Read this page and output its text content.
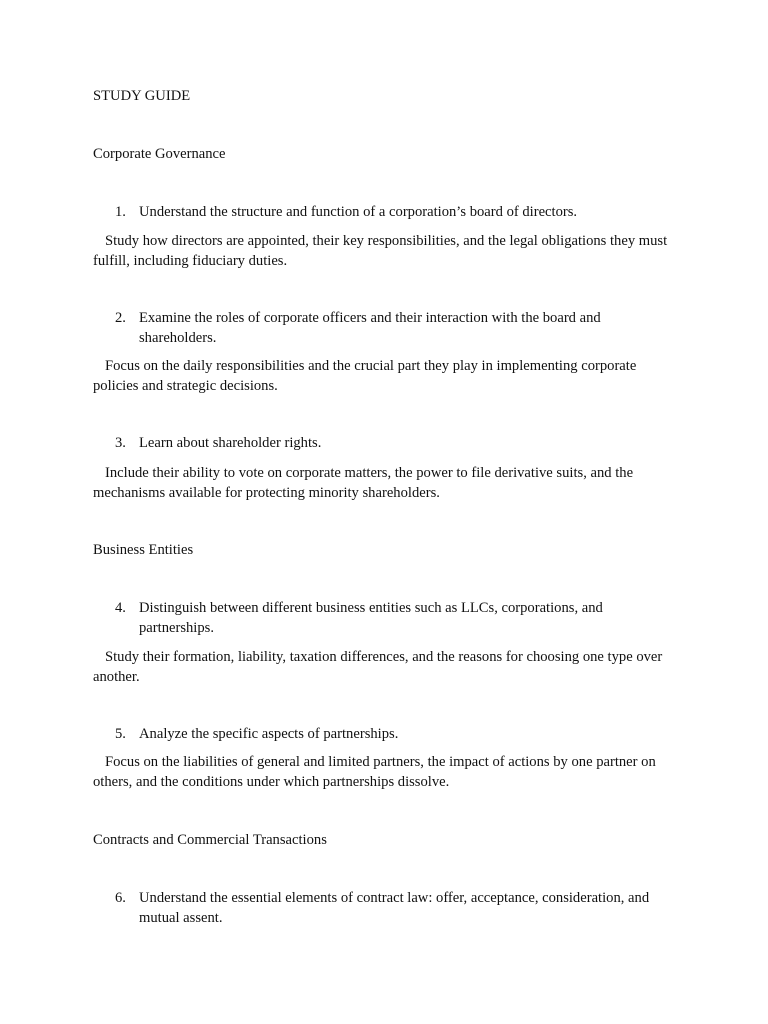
STUDY GUIDE
Corporate Governance
1. Understand the structure and function of a corporation’s board of directors.

Study how directors are appointed, their key responsibilities, and the legal obligations they must fulfill, including fiduciary duties.

2. Examine the roles of corporate officers and their interaction with the board and shareholders.

Focus on the daily responsibilities and the crucial part they play in implementing corporate policies and strategic decisions.

3. Learn about shareholder rights.

Include their ability to vote on corporate matters, the power to file derivative suits, and the mechanisms available for protecting minority shareholders.

Business Entities
4. Distinguish between different business entities such as LLCs, corporations, and partnerships.

Study their formation, liability, taxation differences, and the reasons for choosing one type over another.

5. Analyze the specific aspects of partnerships.

Focus on the liabilities of general and limited partners, the impact of actions by one partner on others, and the conditions under which partnerships dissolve.

Contracts and Commercial Transactions
6. Understand the essential elements of contract law: offer, acceptance, consideration, and mutual assent.
